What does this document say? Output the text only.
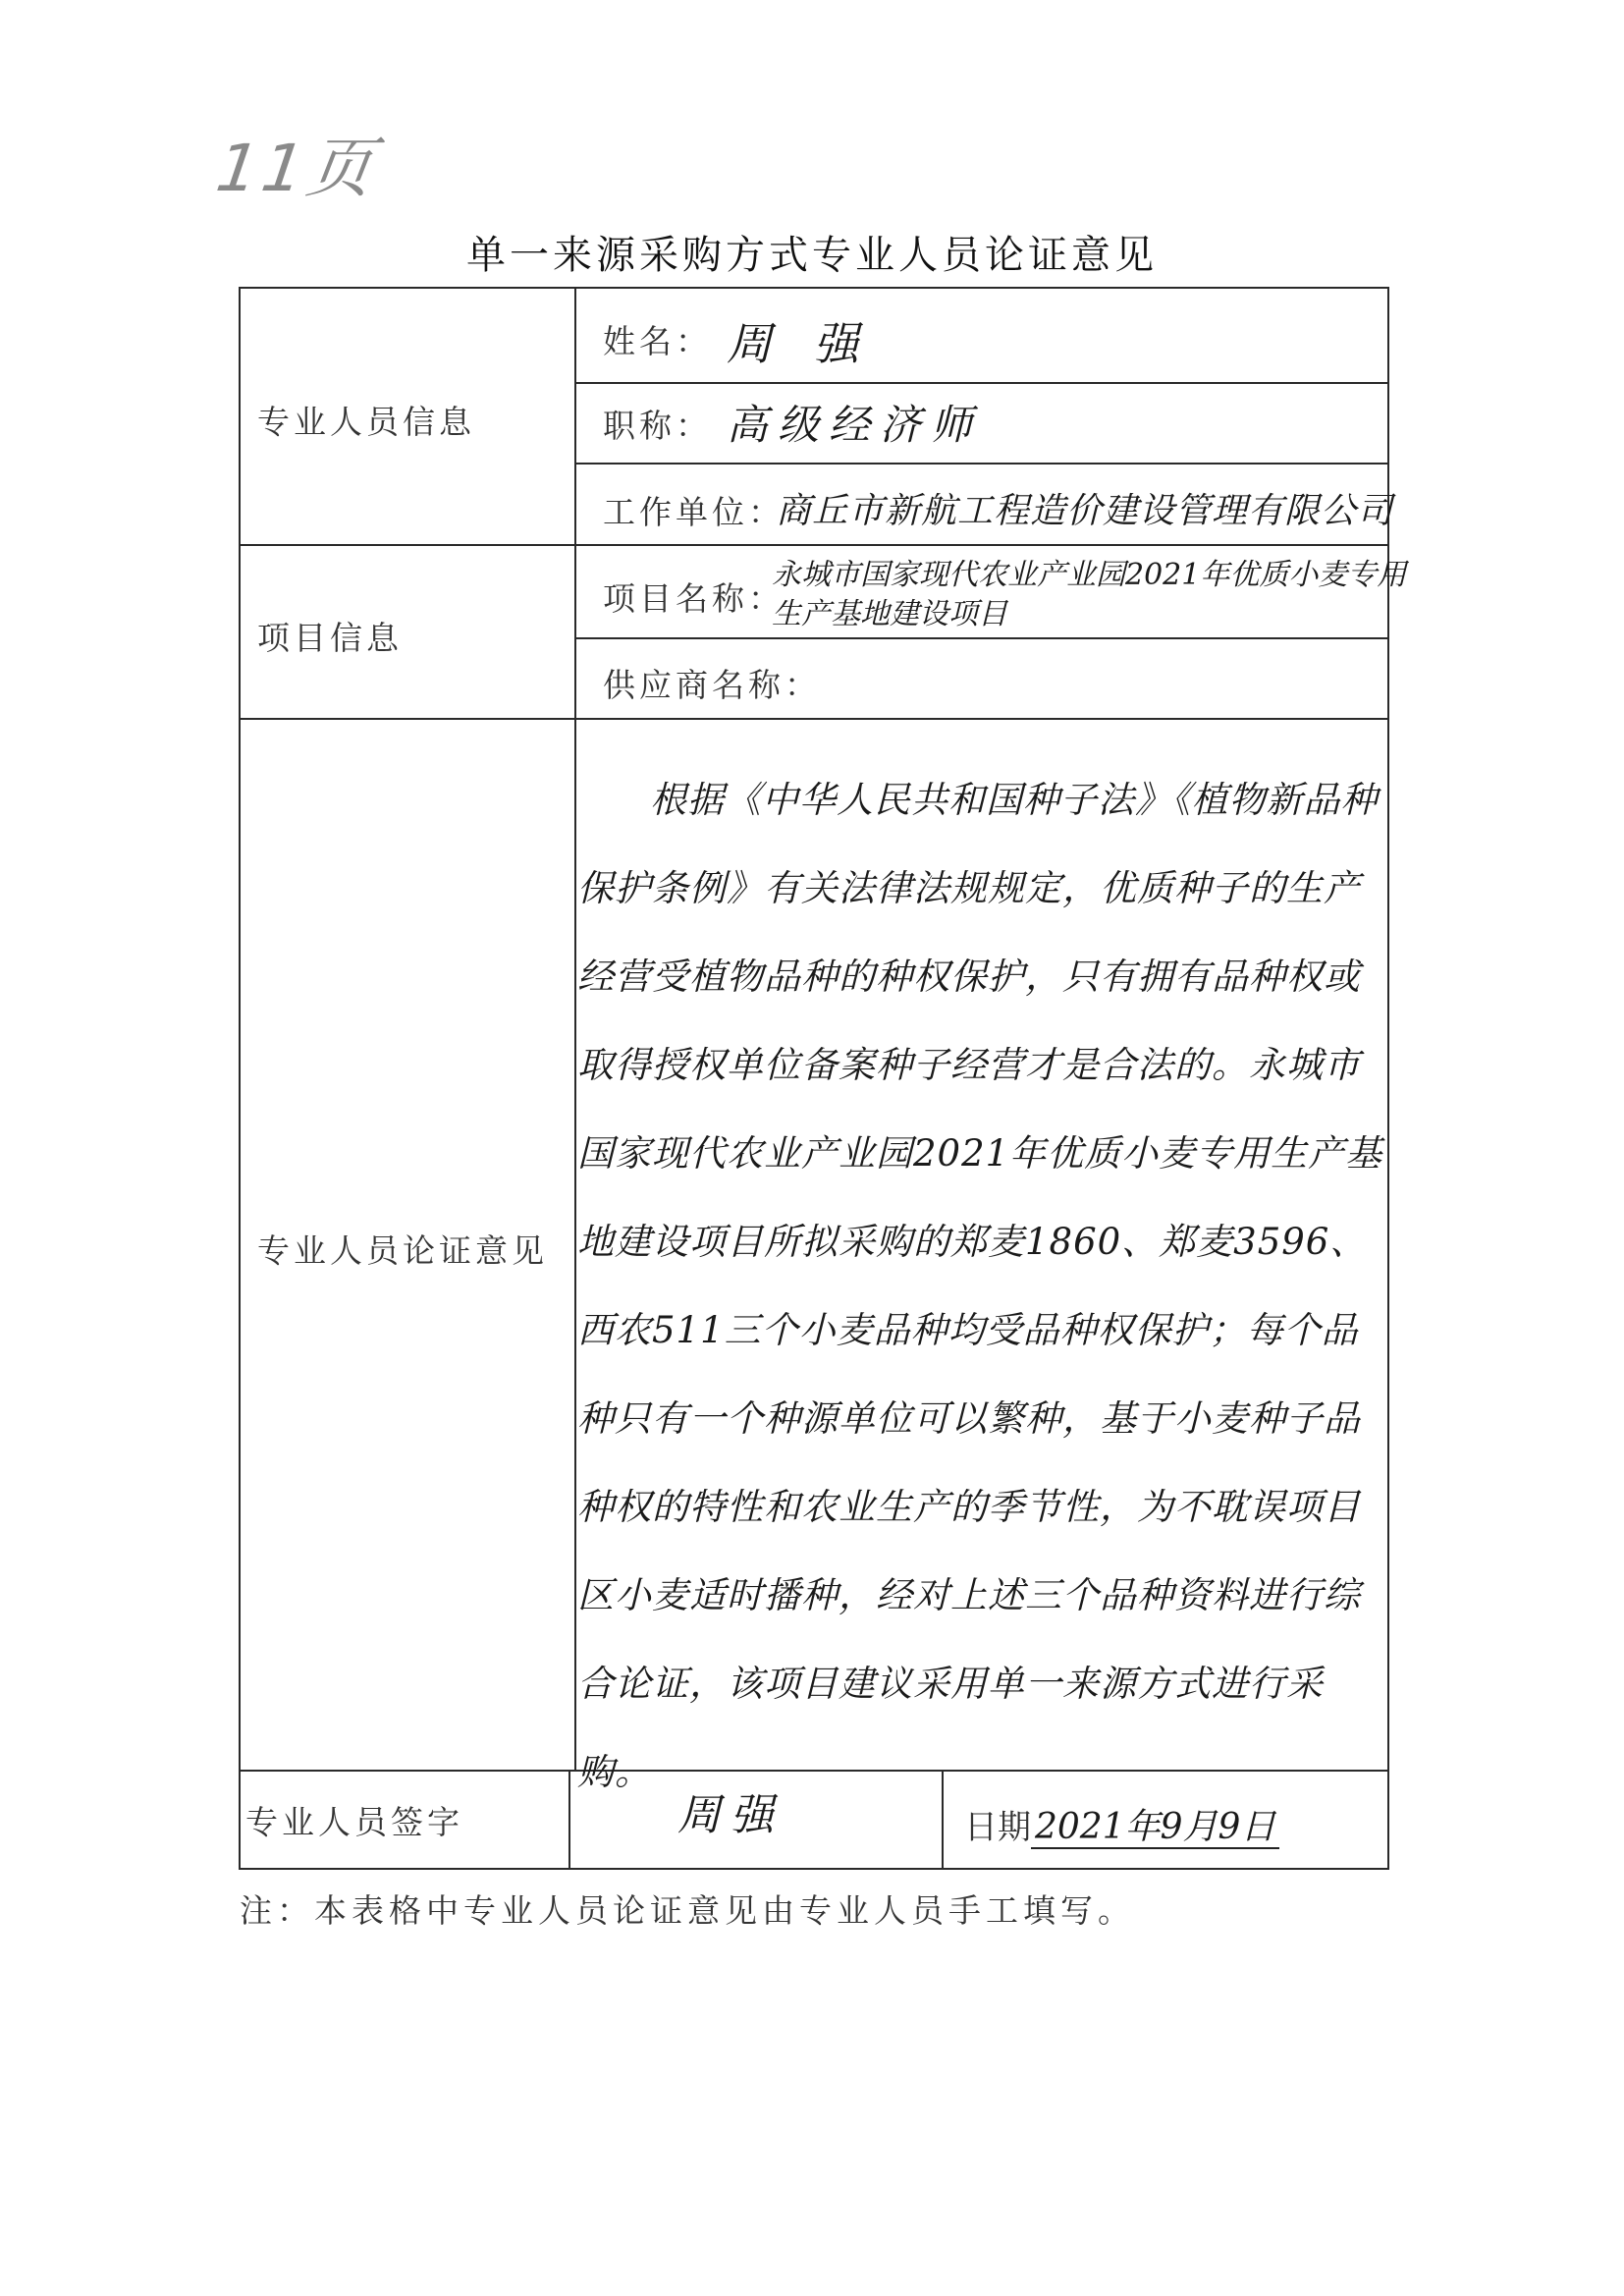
11页
单一来源采购方式专业人员论证意见
专业人员信息
项目信息
专业人员论证意见
专业人员签字
姓名： 周 强
职称： 高级经济师
工作单位：
商丘市新航工程造价建设管理有限公司
项目名称：
永城市国家现代农业产业园2021年优质小麦专用生产基地建设项目
供应商名称：
根据《中华人民共和国种子法》《植物新品种保护条例》有关法律法规规定，优质种子的生产经营受植物品种的种权保护，只有拥有品种权或取得授权单位备案种子经营才是合法的。永城市国家现代农业产业园2021年优质小麦专用生产基地建设项目所拟采购的郑麦1860、郑麦3596、西农511三个小麦品种均受品种权保护；每个品种只有一个种源单位可以繁种，基于小麦种子品种权的特性和农业生产的季节性，为不耽误项目区小麦适时播种，经对上述三个品种资料进行综合论证，该项目建议采用单一来源方式进行采购。
周强	日期 2021年9月9日
注：本表格中专业人员论证意见由专业人员手工填写。
